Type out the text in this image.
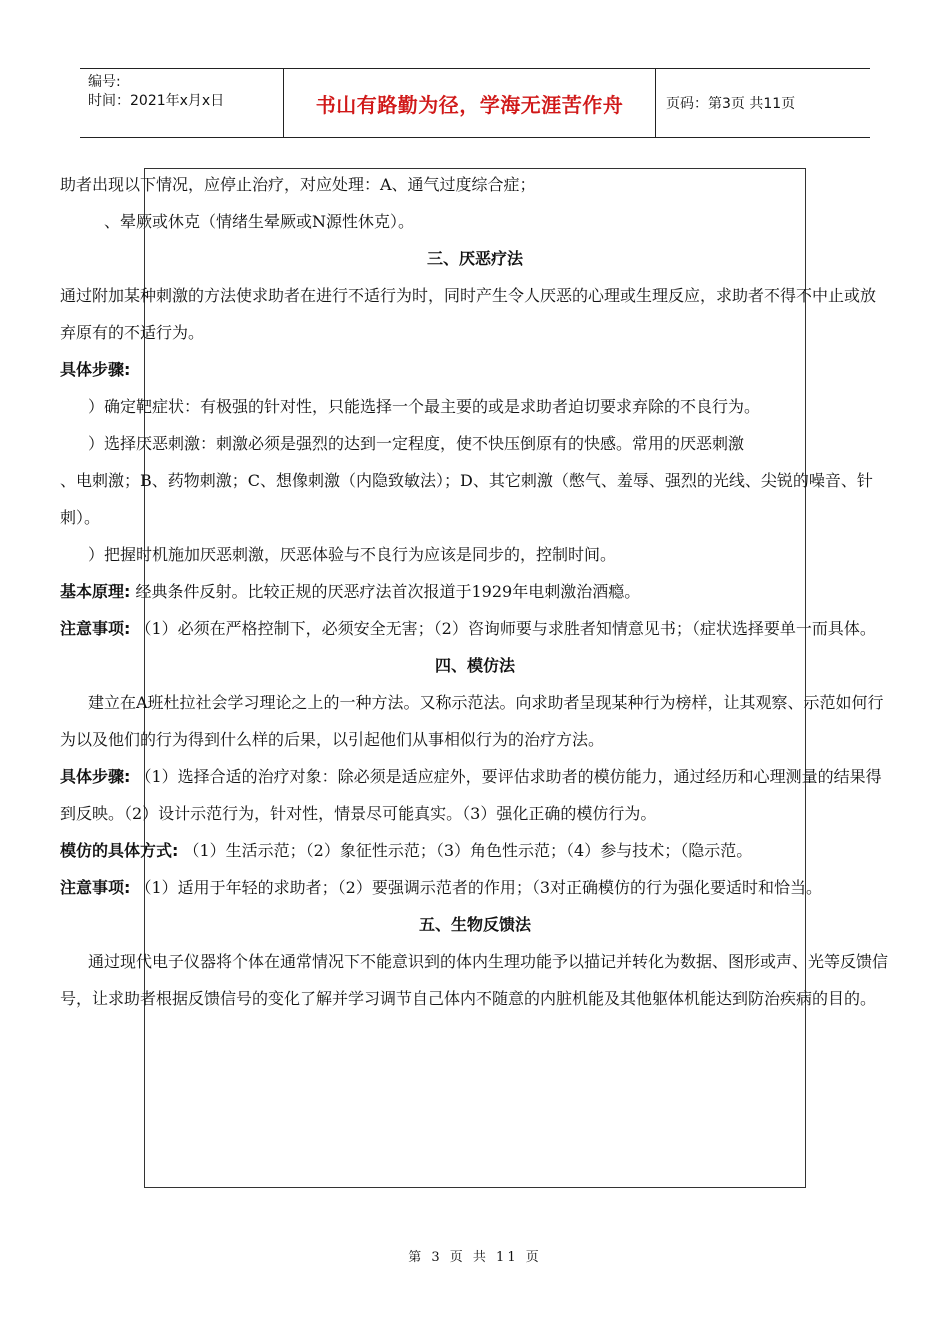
编号:
时间：2021年x月x日	书山有路勤为径，学海无涯苦作舟	页码：第3页 共11页

助者出现以下情况，应停止治疗，对应处理：A、通气过度综合症；

、晕厥或休克（情绪生晕厥或N源性休克）。

三、厌恶疗法

通过附加某种刺激的方法使求助者在进行不适行为时，同时产生令人厌恶的心理或生理反应，求助者不得不中止或放弃原有的不适行为。

具体步骤:

）确定靶症状：有极强的针对性，只能选择一个最主要的或是求助者迫切要求弃除的不良行为。

）选择厌恶刺激：刺激必须是强烈的达到一定程度，使不快压倒原有的快感。常用的厌恶刺激

、电刺激；B、药物刺激；C、想像刺激（内隐致敏法）；D、其它刺激（憋气、羞辱、强烈的光线、尖锐的噪音、针刺）。

）把握时机施加厌恶刺激，厌恶体验与不良行为应该是同步的，控制时间。

基本原理: 经典条件反射。比较正规的厌恶疗法首次报道于1929年电刺激治酒瘾。

注意事项: （1）必须在严格控制下，必须安全无害；（2）咨询师要与求胜者知情意见书；（症状选择要单一而具体。

四、模仿法

建立在A班杜拉社会学习理论之上的一种方法。又称示范法。向求助者呈现某种行为榜样，让其观察、示范如何行为以及他们的行为得到什么样的后果，以引起他们从事相似行为的治疗方法。

具体步骤: （1）选择合适的治疗对象：除必须是适应症外，要评估求助者的模仿能力，通过经历和心理测量的结果得到反映。（2）设计示范行为，针对性，情景尽可能真实。（3）强化正确的模仿行为。

模仿的具体方式: （1）生活示范；（2）象征性示范；（3）角色性示范；（4）参与技术；（隐示范。

注意事项: （1）适用于年轻的求助者；（2）要强调示范者的作用；（3对正确模仿的行为强化要适时和恰当。

五、生物反馈法

通过现代电子仪器将个体在通常情况下不能意识到的体内生理功能予以描记并转化为数据、图形或声、光等反馈信号，让求助者根据反馈信号的变化了解并学习调节自己体内不随意的内脏机能及其他躯体机能达到防治疾病的目的。

第 3 页 共 11 页
